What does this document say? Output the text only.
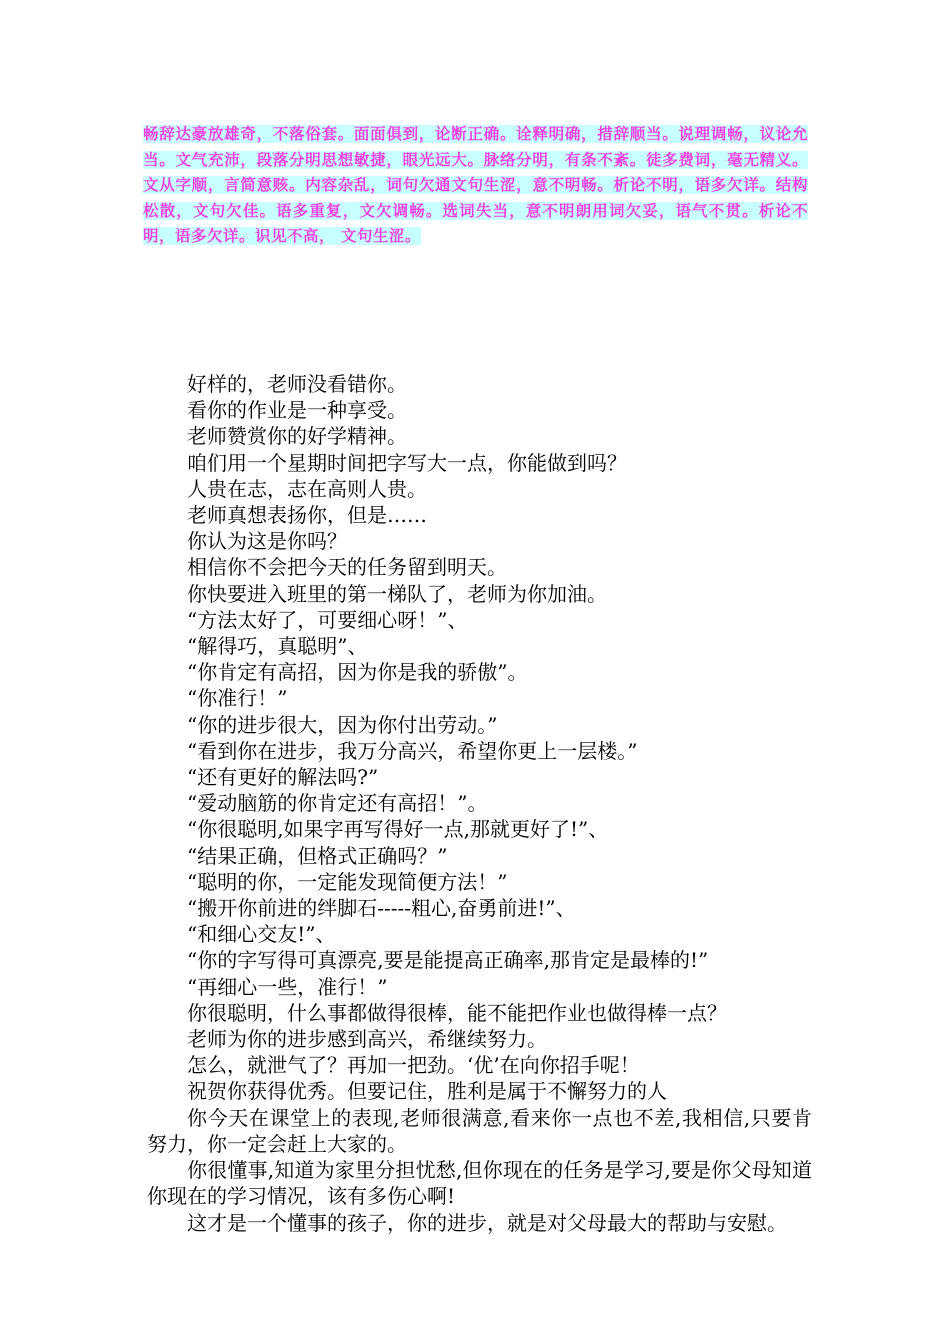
畅辞达豪放雄奇，不落俗套。面面俱到，论断正确。诠释明确，措辞顺当。说理调畅，议论允当。文气充沛，段落分明思想敏捷，眼光远大。脉络分明，有条不紊。徒多费词，毫无精义。文从字顺，言简意赅。内容杂乱，词句欠通文句生涩，意不明畅。析论不明，语多欠详。结构松散，文句欠佳。语多重复，文欠调畅。选词失当，意不明朗用词欠妥，语气不贯。析论不明，语多欠详。识见不高， 文句生涩。

好样的，老师没看错你。

看你的作业是一种享受。

老师赞赏你的好学精神。

咱们用一个星期时间把字写大一点，你能做到吗？

人贵在志，志在高则人贵。

老师真想表扬你，但是……

你认为这是你吗？

相信你不会把今天的任务留到明天。

你快要进入班里的第一梯队了，老师为你加油。

“方法太好了，可要细心呀！”、

“解得巧，真聪明”、

“你肯定有高招，因为你是我的骄傲”。

“你准行！”

“你的进步很大，因为你付出劳动。”

“看到你在进步，我万分高兴，希望你更上一层楼。”

“还有更好的解法吗?”

“爱动脑筋的你肯定还有高招！”。

“你很聪明,如果字再写得好一点,那就更好了!”、

“结果正确，但格式正确吗？”

“聪明的你，一定能发现简便方法！”

“搬开你前进的绊脚石-----粗心,奋勇前进!”、

“和细心交友!”、

“你的字写得可真漂亮,要是能提高正确率,那肯定是最棒的!”

“再细心一些，准行！”

你很聪明，什么事都做得很棒，能不能把作业也做得棒一点？

老师为你的进步感到高兴，希继续努力。

怎么，就泄气了？再加一把劲。‘优’在向你招手呢！

祝贺你获得优秀。但要记住，胜利是属于不懈努力的人

你今天在课堂上的表现,老师很满意,看来你一点也不差,我相信,只要肯努力，你一定会赶上大家的。

你很懂事,知道为家里分担忧愁,但你现在的任务是学习,要是你父母知道你现在的学习情况，该有多伤心啊!

这才是一个懂事的孩子，你的进步，就是对父母最大的帮助与安慰。
